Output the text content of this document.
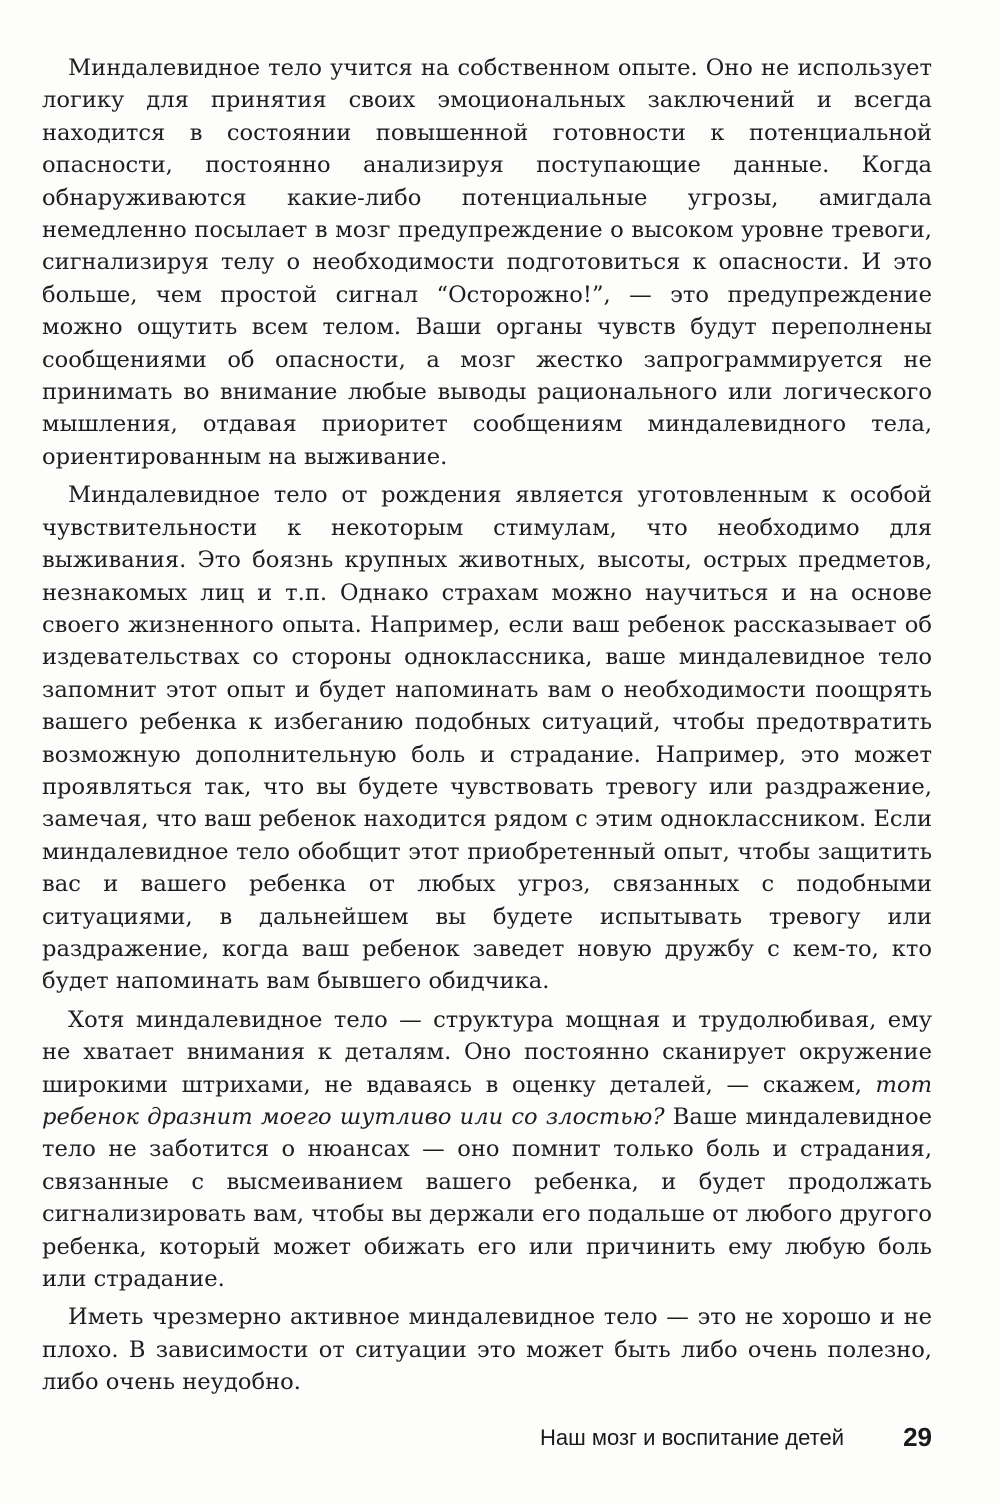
Миндалевидное тело учится на собственном опыте. Оно не использует логику для принятия своих эмоциональных заключений и всегда находится в состоянии повышенной готовности к потенциальной опасности, постоянно анализируя поступающие данные. Когда обнаруживаются какие-либо потенциальные угрозы, амигдала немедленно посылает в мозг предупреждение о высоком уровне тревоги, сигнализируя телу о необходимости подготовиться к опасности. И это больше, чем простой сигнал “Осторожно!”, — это предупреждение можно ощутить всем телом. Ваши органы чувств будут переполнены сообщениями об опасности, а мозг жестко запрограммируется не принимать во внимание любые выводы рационального или логического мышления, отдавая приоритет сообщениям миндалевидного тела, ориентированным на выживание.

Миндалевидное тело от рождения является уготовленным к особой чувствительности к некоторым стимулам, что необходимо для выживания. Это боязнь крупных животных, высоты, острых предметов, незнакомых лиц и т.п. Однако страхам можно научиться и на основе своего жизненного опыта. Например, если ваш ребенок рассказывает об издевательствах со стороны одноклассника, ваше миндалевидное тело запомнит этот опыт и будет напоминать вам о необходимости поощрять вашего ребенка к избеганию подобных ситуаций, чтобы предотвратить возможную дополнительную боль и страдание. Например, это может проявляться так, что вы будете чувствовать тревогу или раздражение, замечая, что ваш ребенок находится рядом с этим одноклассником. Если миндалевидное тело обобщит этот приобретенный опыт, чтобы защитить вас и вашего ребенка от любых угроз, связанных с подобными ситуациями, в дальнейшем вы будете испытывать тревогу или раздражение, когда ваш ребенок заведет новую дружбу с кем-то, кто будет напоминать вам бывшего обидчика.

Хотя миндалевидное тело — структура мощная и трудолюбивая, ему не хватает внимания к деталям. Оно постоянно сканирует окружение широкими штрихами, не вдаваясь в оценку деталей, — скажем, тот ребенок дразнит моего шутливо или со злостью? Ваше миндалевидное тело не заботится о нюансах — оно помнит только боль и страдания, связанные с высмеиванием вашего ребенка, и будет продолжать сигнализировать вам, чтобы вы держали его подальше от любого другого ребенка, который может обижать его или причинить ему любую боль или страдание.

Иметь чрезмерно активное миндалевидное тело — это не хорошо и не плохо. В зависимости от ситуации это может быть либо очень полезно, либо очень неудобно.

Наш мозг и воспитание детей 29
